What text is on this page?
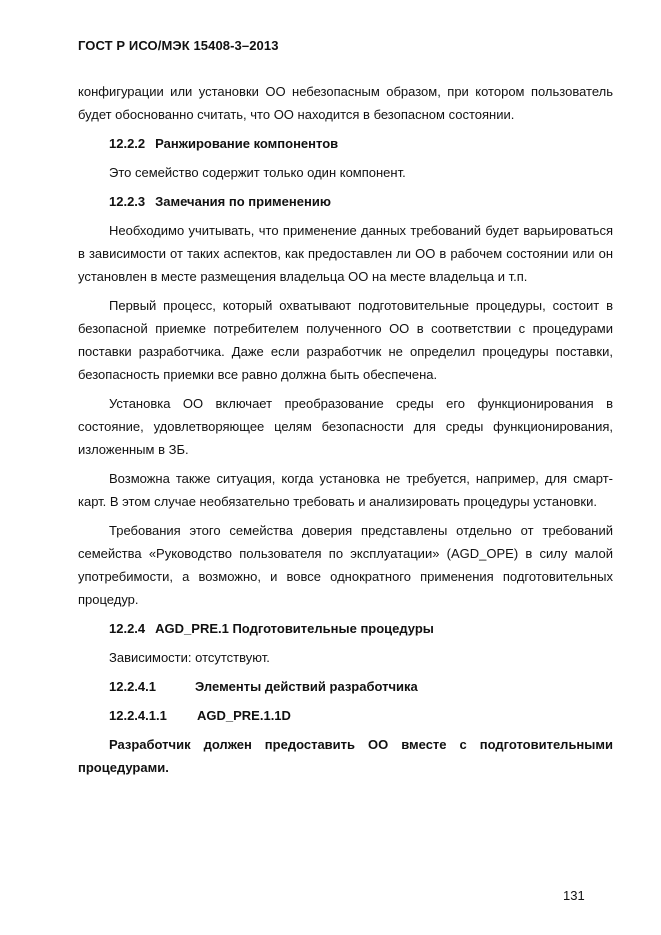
ГОСТ Р ИСО/МЭК 15408-3–2013

конфигурации или установки ОО небезопасным образом, при котором пользователь будет обоснованно считать, что ОО находится в безопасном состоянии.

12.2.2 Ранжирование компонентов

Это семейство содержит только один компонент.

12.2.3 Замечания по применению

Необходимо учитывать, что применение данных требований будет варьироваться в зависимости от таких аспектов, как предоставлен ли ОО в рабочем состоянии или он установлен в месте размещения владельца ОО на месте владельца и т.п.

Первый процесс, который охватывают подготовительные процедуры, состоит в безопасной приемке потребителем полученного ОО в соответствии с процедурами поставки разработчика. Даже если разработчик не определил процедуры поставки, безопасность приемки все равно должна быть обеспечена.

Установка ОО включает преобразование среды его функционирования в состояние, удовлетворяющее целям безопасности для среды функционирования, изложенным в ЗБ.

Возможна также ситуация, когда установка не требуется, например, для смарт-карт. В этом случае необязательно требовать и анализировать процедуры установки.

Требования этого семейства доверия представлены отдельно от требований семейства «Руководство пользователя по эксплуатации» (AGD_OPE) в силу малой употребимости, а возможно, и вовсе однократного применения подготовительных процедур.

12.2.4 AGD_PRE.1 Подготовительные процедуры

Зависимости: отсутствуют.

12.2.4.1	Элементы действий разработчика
12.2.4.1.1 AGD_PRE.1.1D

Разработчик должен предоставить ОО вместе с подготовительными процедурами.

131
